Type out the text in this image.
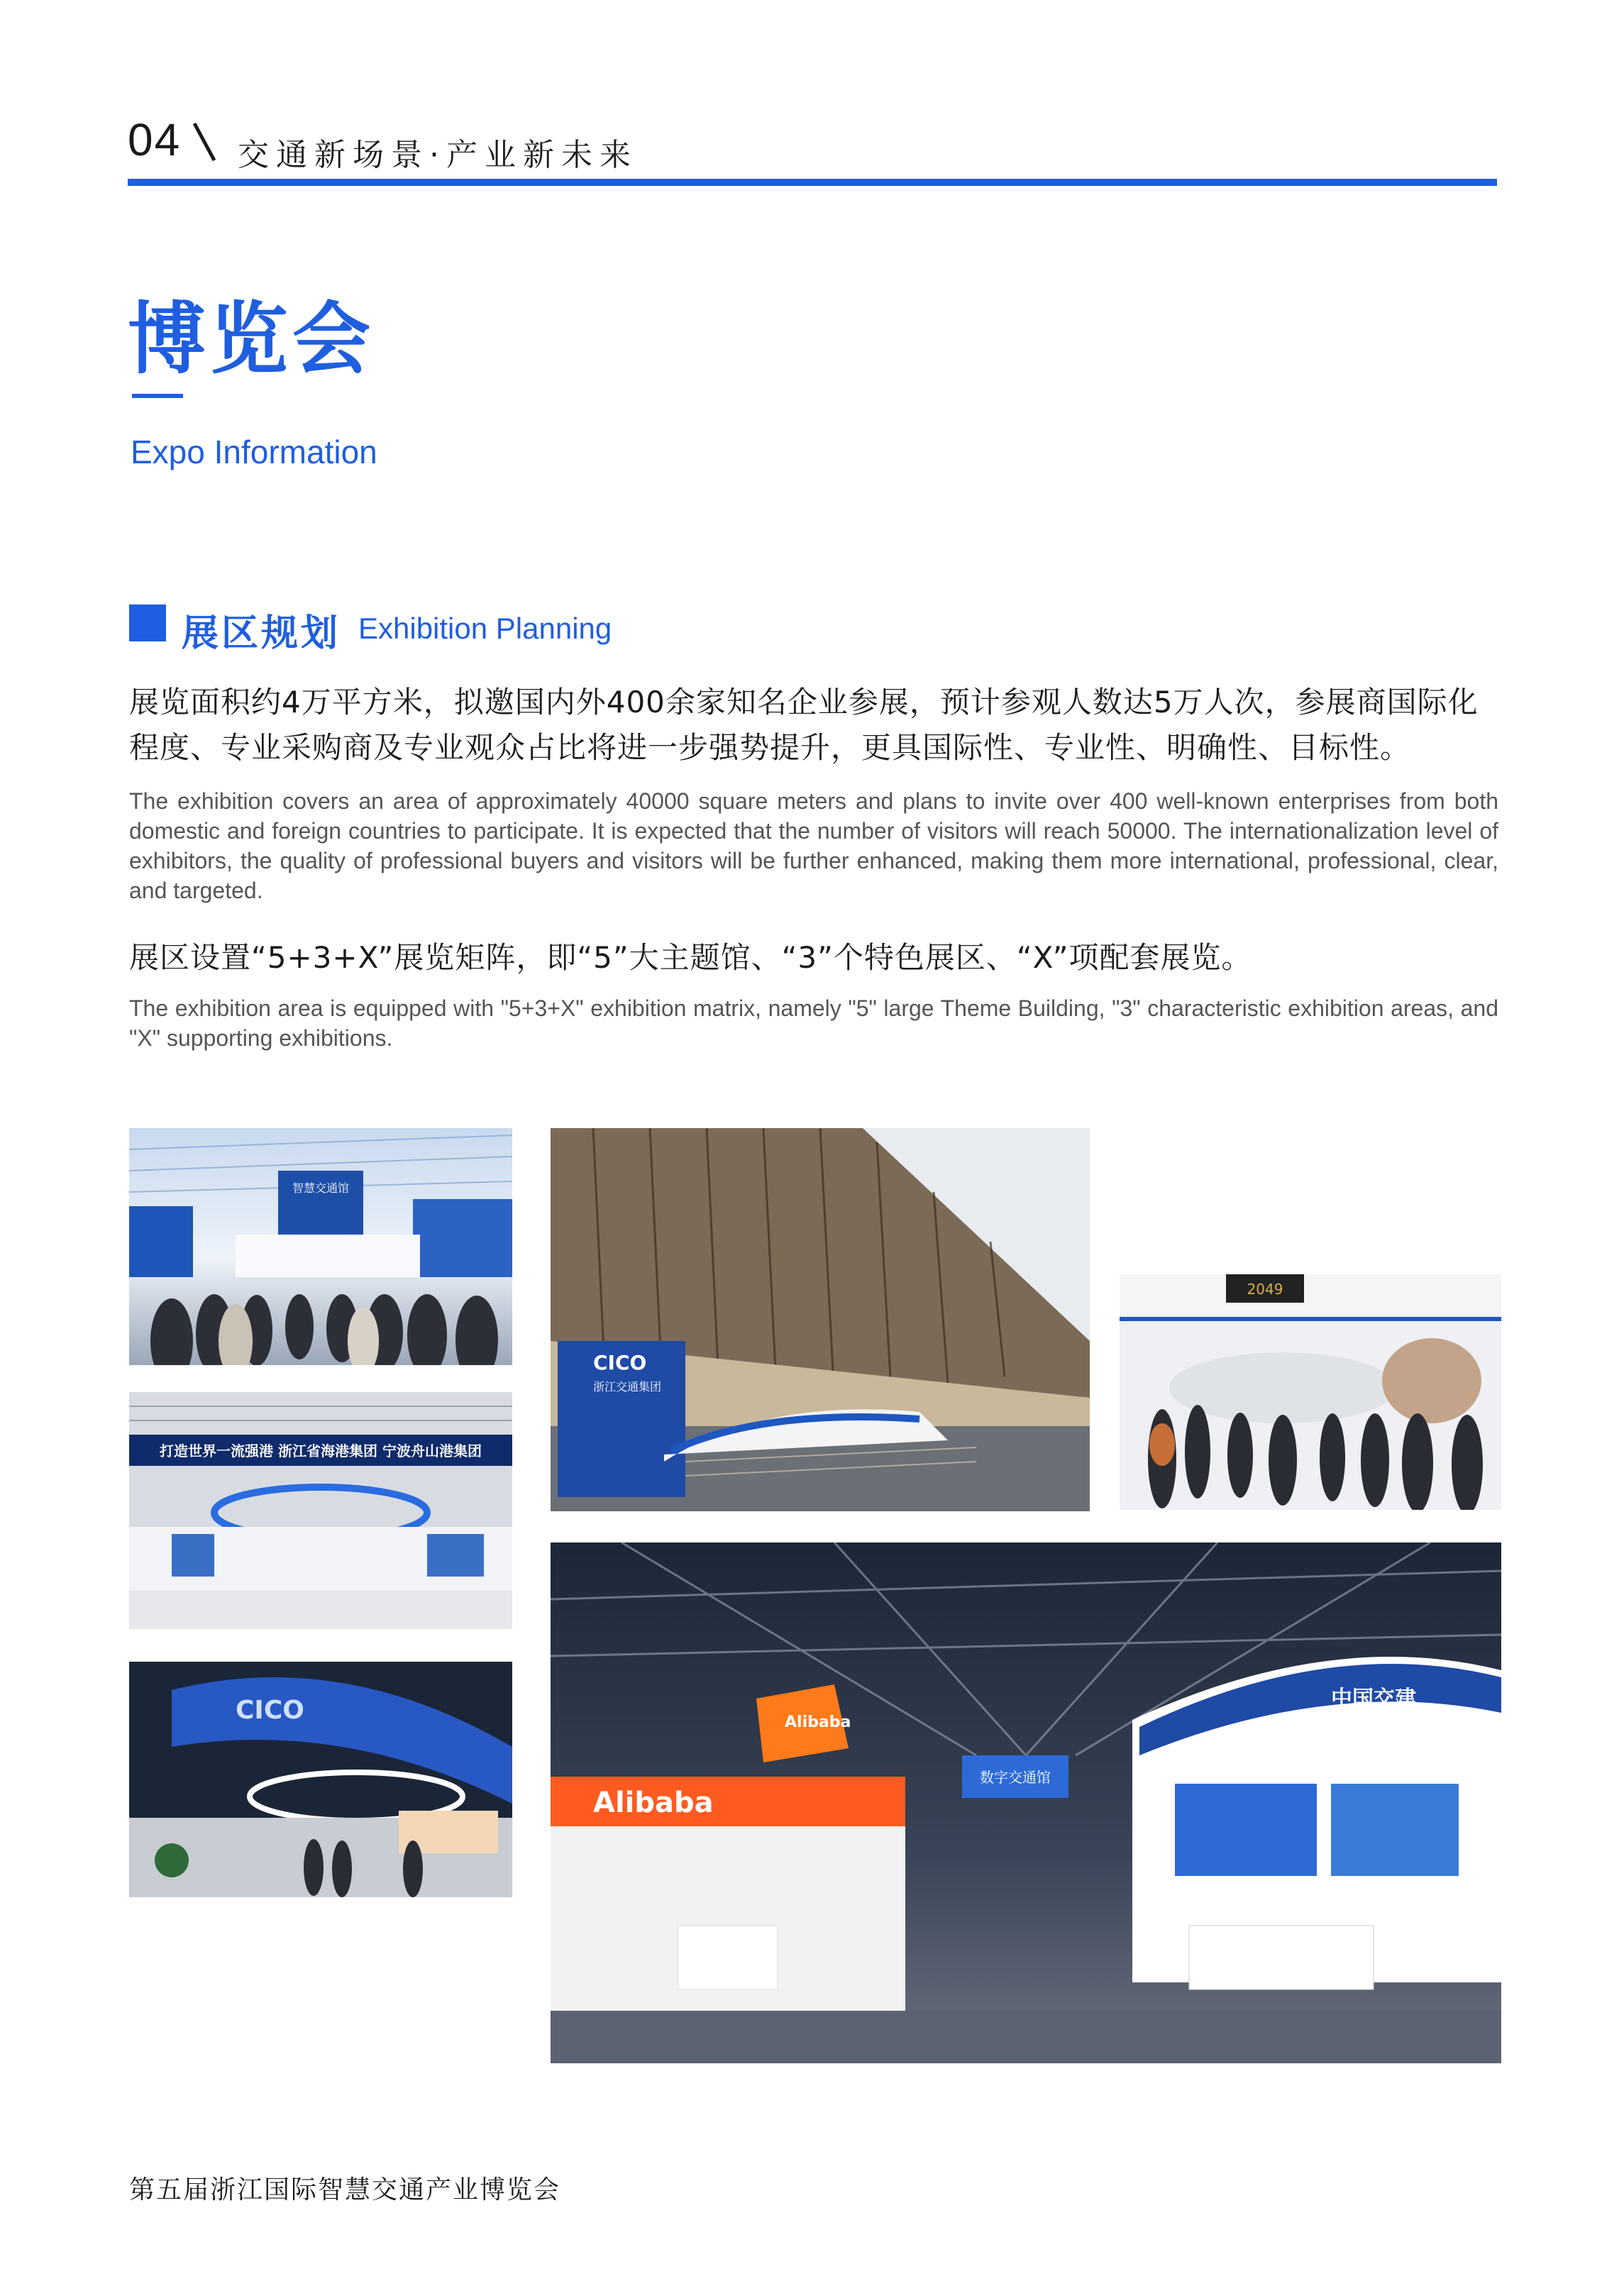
04 交通新场景·产业新未来
博览会
Expo Information
展区规划 Exhibition Planning
展览面积约4万平方米，拟邀国内外400余家知名企业参展，预计参观人数达5万人次，参展商国际化程度、专业采购商及专业观众占比将进一步强势提升，更具国际性、专业性、明确性、目标性。
The exhibition covers an area of approximately 40000 square meters and plans to invite over 400 well-known enterprises from both domestic and foreign countries to participate. It is expected that the number of visitors will reach 50000. The internationalization level of exhibitors, the quality of professional buyers and visitors will be further enhanced, making them more international, professional, clear, and targeted.
展区设置“5+3+X”展览矩阵，即“5”大主题馆、“3”个特色展区、“X”项配套展览。
The exhibition area is equipped with "5+3+X" exhibition matrix, namely "5" large Theme Building, "3" characteristic exhibition areas, and "X" supporting exhibitions.
智慧交通馆
CICO
浙江交通集团
2049
打造世界一流强港 浙江省海港集团 宁波舟山港集团
CICO	Alibaba
Alibaba
数字交通馆
中国交建
第五届浙江国际智慧交通产业博览会
